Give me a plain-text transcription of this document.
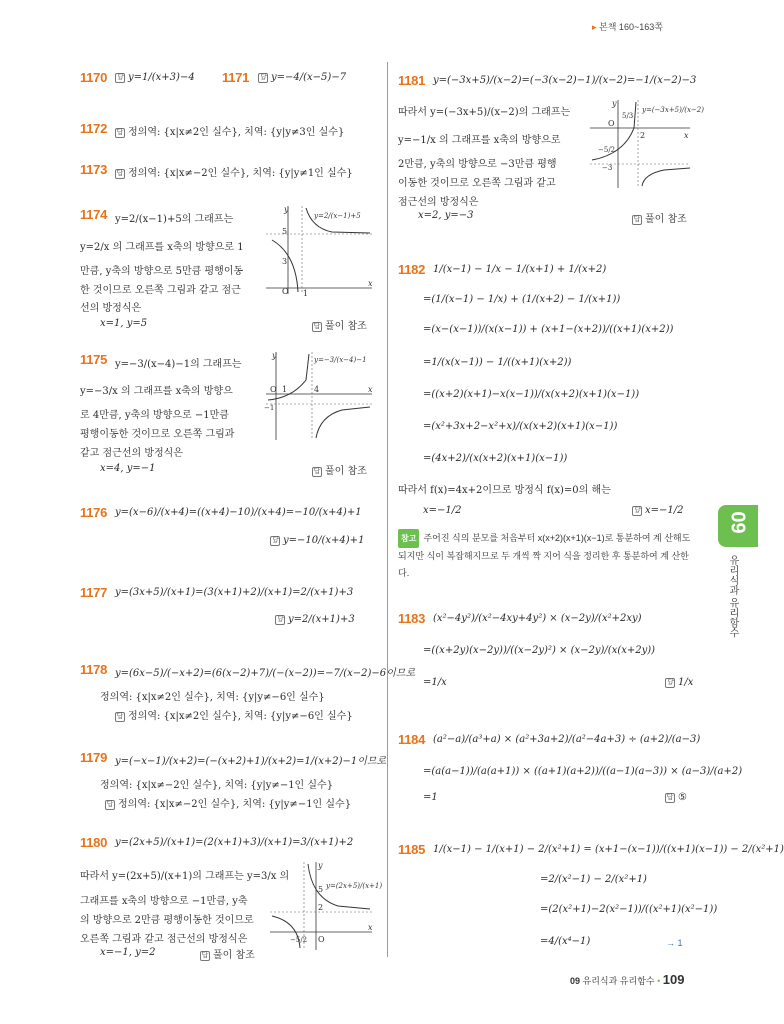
▸ 본책 160~163쪽
1170 답 y=1/(x+3)−4 1171 답 y=−4/(x−5)−7
1172 답 정의역: {x|x≠2인 실수}, 치역: {y|y≠3인 실수}
1173 답 정의역: {x|x≠−2인 실수}, 치역: {y|y≠1인 실수}
1174 y=2/(x−1)+5의 그래프는
y=2/x 의 그래프를 x축의 방향으로 1
만큼, y축의 방향으로 5만큼 평행이동
한 것이므로 오른쪽 그림과 같고 점근
선의 방정식은
x=1, y=5	답 풀이 참조
5
3
O 1
x
y
y=2/(x−1)+5
1175 y=−3/(x−4)−1의 그래프는
y=−3/x 의 그래프를 x축의 방향으
로 4만큼, y축의 방향으로 −1만큼
평행이동한 것이므로 오른쪽 그림과
같고 점근선의 방정식은
x=4, y=−1	답 풀이 참조
O 1	4
−1
x
y	y=−3/(x−4)−1
1176 y=(x−6)/(x+4)=((x+4)−10)/(x+4)=−10/(x+4)+1
답 y=−10/(x+4)+1
1177 y=(3x+5)/(x+1)=(3(x+1)+2)/(x+1)=2/(x+1)+3
답 y=2/(x+1)+3
1178 y=(6x−5)/(−x+2)=(6(x−2)+7)/(−(x−2))=−7/(x−2)−6이므로
정의역: {x|x≠2인 실수}, 치역: {y|y≠−6인 실수}
답 정의역: {x|x≠2인 실수}, 치역: {y|y≠−6인 실수}
1179 y=(−x−1)/(x+2)=(−(x+2)+1)/(x+2)=1/(x+2)−1이므로
정의역: {x|x≠−2인 실수}, 치역: {y|y≠−1인 실수}
답 정의역: {x|x≠−2인 실수}, 치역: {y|y≠−1인 실수}
1180 y=(2x+5)/(x+1)=(2(x+1)+3)/(x+1)=3/(x+1)+2
따라서 y=(2x+5)/(x+1)의 그래프는 y=3/x 의
그래프를 x축의 방향으로 −1만큼, y축
의 방향으로 2만큼 평행이동한 것이므로
오른쪽 그림과 같고 점근선의 방정식은
x=−1, y=2	답 풀이 참조
5
2
O
−5/2
x
y
y=(2x+5)/(x+1)
1181 y=(−3x+5)/(x−2)=(−3(x−2)−1)/(x−2)=−1/(x−2)−3
따라서 y=(−3x+5)/(x−2)의 그래프는
y=−1/x 의 그래프를 x축의 방향으로
2만큼, y축의 방향으로 −3만큼 평행
이동한 것이므로 오른쪽 그림과 같고
점근선의 방정식은
x=2, y=−3	답 풀이 참조
O
5/3
2
−5/2
−3
x
y
y=(−3x+5)/(x−2)
1182 1/(x−1) − 1/x − 1/(x+1) + 1/(x+2)
=(1/(x−1) − 1/x) + (1/(x+2) − 1/(x+1))
=(x−(x−1))/(x(x−1)) + (x+1−(x+2))/((x+1)(x+2))
=1/(x(x−1)) − 1/((x+1)(x+2))
=((x+2)(x+1)−x(x−1))/(x(x+2)(x+1)(x−1))
=(x²+3x+2−x²+x)/(x(x+2)(x+1)(x−1))
=(4x+2)/(x(x+2)(x+1)(x−1))
따라서 f(x)=4x+2이므로 방정식 f(x)=0의 해는
x=−1/2	답 x=−1/2
참고 주어진 식의 분모를 처음부터 x(x+2)(x+1)(x−1)로 통분하여 계 산해도 되지만 식이 복잡해지므로 두 개씩 짝 지어 식을 정리한 후 통분하여 계 산한다.
09
유리식과 유리함수
1183 (x²−4y²)/(x²−4xy+4y²) × (x−2y)/(x²+2xy)
=((x+2y)(x−2y))/((x−2y)²) × (x−2y)/(x(x+2y))
=1/x	답 1/x
1184 (a²−a)/(a³+a) × (a²+3a+2)/(a²−4a+3) ÷ (a+2)/(a−3)
=(a(a−1))/(a(a+1)) × ((a+1)(a+2))/((a−1)(a−3)) × (a−3)/(a+2)
=1	답 ⑤
1185 1/(x−1) − 1/(x+1) − 2/(x²+1) = (x+1−(x−1))/((x+1)(x−1)) − 2/(x²+1)
=2/(x²−1) − 2/(x²+1)
=(2(x²+1)−2(x²−1))/((x²+1)(x²−1))
=4/(x⁴−1)	→ 1
09 유리식과 유리함수 • 109
